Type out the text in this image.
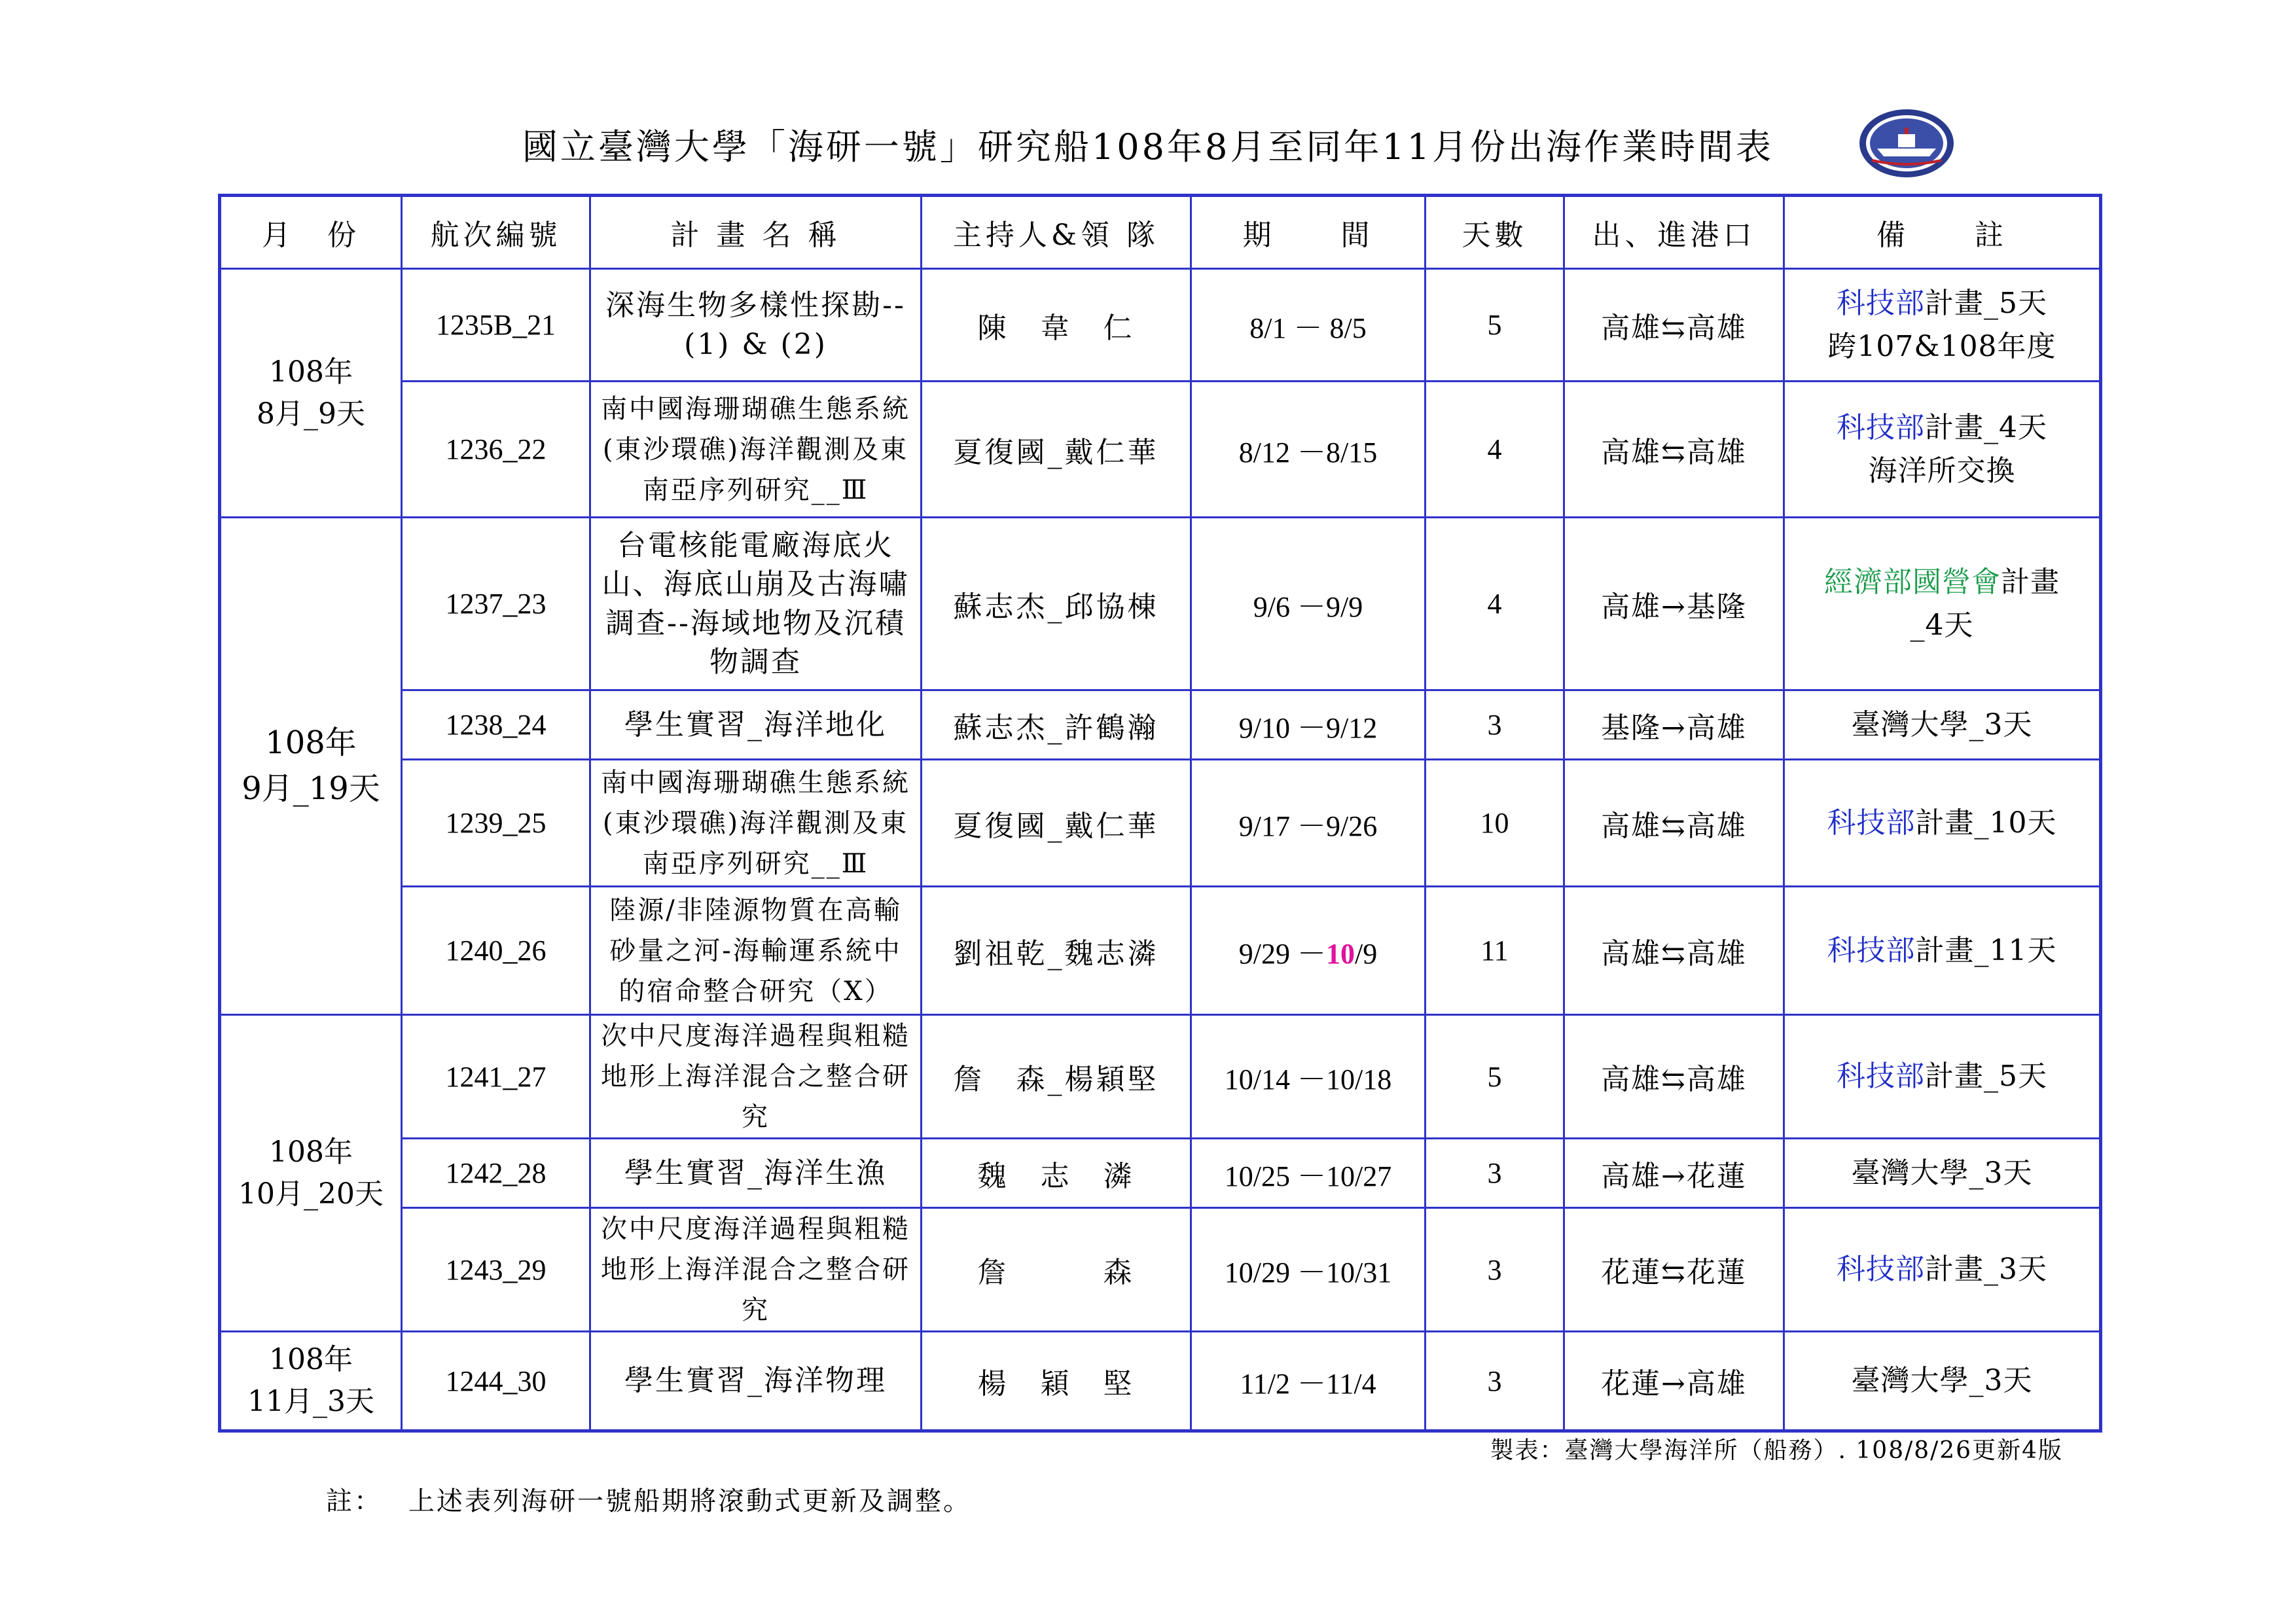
國立臺灣大學「海研一號」研究船108年8月至同年11月份出海作業時間表
月　份	航次編號	計 畫 名 稱	主持人&領 隊	期　　間	天數	出、進港口	備　　註
108年
8月_9天	1235B_21	深海生物多樣性探勘--(1) & (2)	陳　韋　仁	8/1 － 8/5	5	高雄⇆高雄	科技部計畫_5天
跨107&108年度
	1236_22	南中國海珊瑚礁生態系統(東沙環礁)海洋觀測及東南亞序列研究__Ⅲ	夏復國_戴仁華	8/12 －8/15	4	高雄⇆高雄	科技部計畫_4天
海洋所交換
108年
9月_19天	1237_23	台電核能電廠海底火山、海底山崩及古海嘯調查--海域地物及沉積物調查	蘇志杰_邱協棟	9/6 －9/9	4	高雄→基隆	經濟部國營會計畫
_4天
	1238_24	學生實習_海洋地化	蘇志杰_許鶴瀚	9/10 －9/12	3	基隆→高雄	臺灣大學_3天
	1239_25	南中國海珊瑚礁生態系統(東沙環礁)海洋觀測及東南亞序列研究__Ⅲ	夏復國_戴仁華	9/17 －9/26	10	高雄⇆高雄	科技部計畫_10天
	1240_26	陸源/非陸源物質在高輸砂量之河-海輸運系統中的宿命整合研究（X）	劉祖乾_魏志潾	9/29 －10/9	11	高雄⇆高雄	科技部計畫_11天
108年
10月_20天	1241_27	次中尺度海洋過程與粗糙地形上海洋混合之整合研究	詹　森_楊穎堅	10/14 －10/18	5	高雄⇆高雄	科技部計畫_5天
	1242_28	學生實習_海洋生漁	魏　志　潾	10/25 －10/27	3	高雄→花蓮	臺灣大學_3天
	1243_29	次中尺度海洋過程與粗糙地形上海洋混合之整合研究	詹　　　森	10/29 －10/31	3	花蓮⇆花蓮	科技部計畫_3天
108年
11月_3天	1244_30	學生實習_海洋物理	楊　穎　堅	11/2 －11/4	3	花蓮→高雄	臺灣大學_3天
製表：臺灣大學海洋所（船務）. 108/8/26更新4版
註： 上述表列海研一號船期將滾動式更新及調整。
